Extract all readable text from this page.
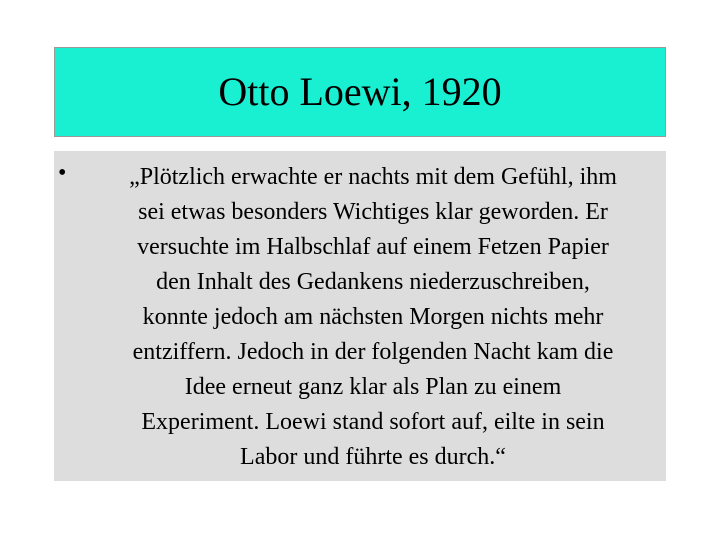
Otto Loewi, 1920
•	„Plötzlich erwachte er nachts mit dem Gefühl, ihm
sei etwas besonders Wichtiges klar geworden. Er
versuchte im Halbschlaf auf einem Fetzen Papier
den Inhalt des Gedankens niederzuschreiben,
konnte jedoch am nächsten Morgen nichts mehr
entziffern. Jedoch in der folgenden Nacht kam die
Idee erneut ganz klar als Plan zu einem
Experiment. Loewi stand sofort auf, eilte in sein
Labor und führte es durch.“
